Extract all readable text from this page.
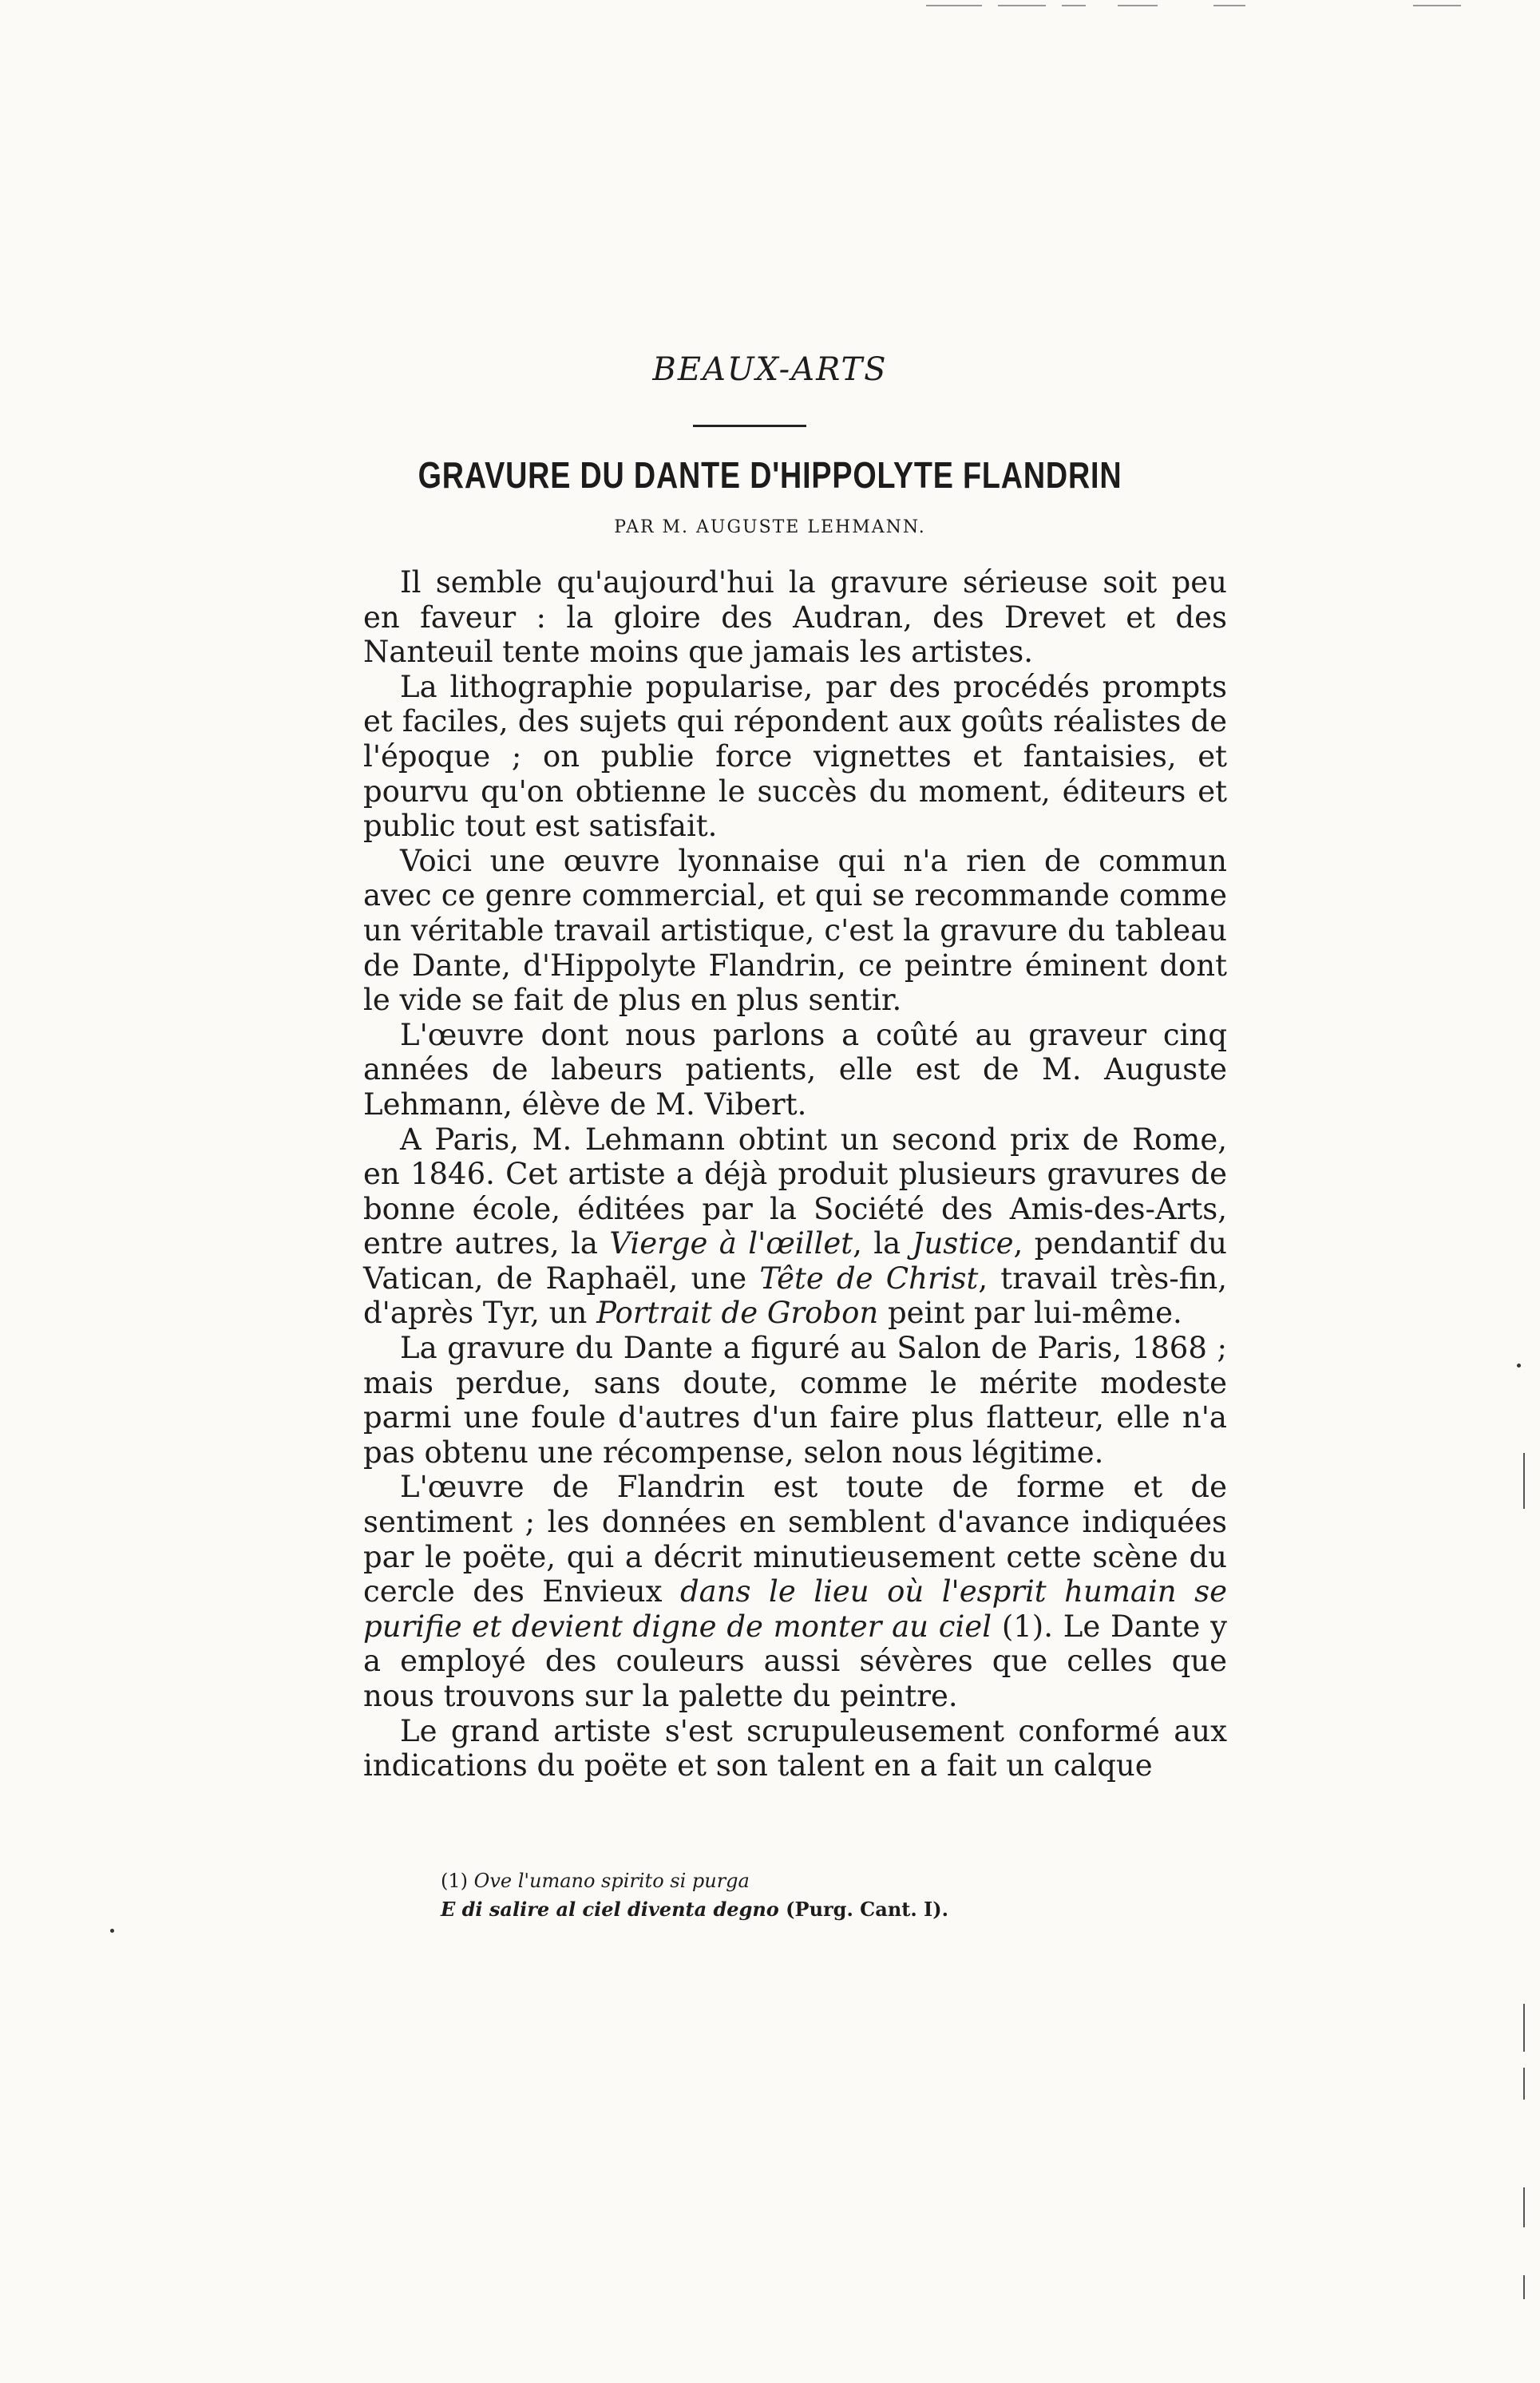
BEAUX-ARTS
GRAVURE DU DANTE D'HIPPOLYTE FLANDRIN
PAR M. AUGUSTE LEHMANN.

Il semble qu'aujourd'hui la gravure sérieuse soit peu en faveur : la gloire des Audran, des Drevet et des Nanteuil tente moins que jamais les artistes.

La lithographie popularise, par des procédés prompts et faciles, des sujets qui répondent aux goûts réalistes de l'époque ; on publie force vignettes et fantaisies, et pourvu qu'on obtienne le succès du moment, éditeurs et public tout est satisfait.

Voici une œuvre lyonnaise qui n'a rien de commun avec ce genre commercial, et qui se recommande comme un véritable travail artistique, c'est la gravure du tableau de Dante, d'Hippolyte Flandrin, ce peintre éminent dont le vide se fait de plus en plus sentir.

L'œuvre dont nous parlons a coûté au graveur cinq années de labeurs patients, elle est de M. Auguste Lehmann, élève de M. Vibert.

A Paris, M. Lehmann obtint un second prix de Rome, en 1846. Cet artiste a déjà produit plusieurs gravures de bonne école, éditées par la Société des Amis-des-Arts, entre autres, la Vierge à l'œillet, la Justice, pendantif du Vatican, de Raphaël, une Tête de Christ, travail très-fin, d'après Tyr, un Portrait de Grobon peint par lui-même.

La gravure du Dante a figuré au Salon de Paris, 1868 ; mais perdue, sans doute, comme le mérite modeste parmi une foule d'autres d'un faire plus flatteur, elle n'a pas obtenu une récompense, selon nous légitime.

L'œuvre de Flandrin est toute de forme et de sentiment ; les données en semblent d'avance indiquées par le poëte, qui a décrit minutieusement cette scène du cercle des Envieux dans le lieu où l'esprit humain se purifie et devient digne de monter au ciel (1). Le Dante y a employé des couleurs aussi sévères que celles que nous trouvons sur la palette du peintre.

Le grand artiste s'est scrupuleusement conformé aux indications du poëte et son talent en a fait un calque

(1) Ove l'umano spirito si purga
E di salire al ciel diventa degno (Purg. Cant. I).
